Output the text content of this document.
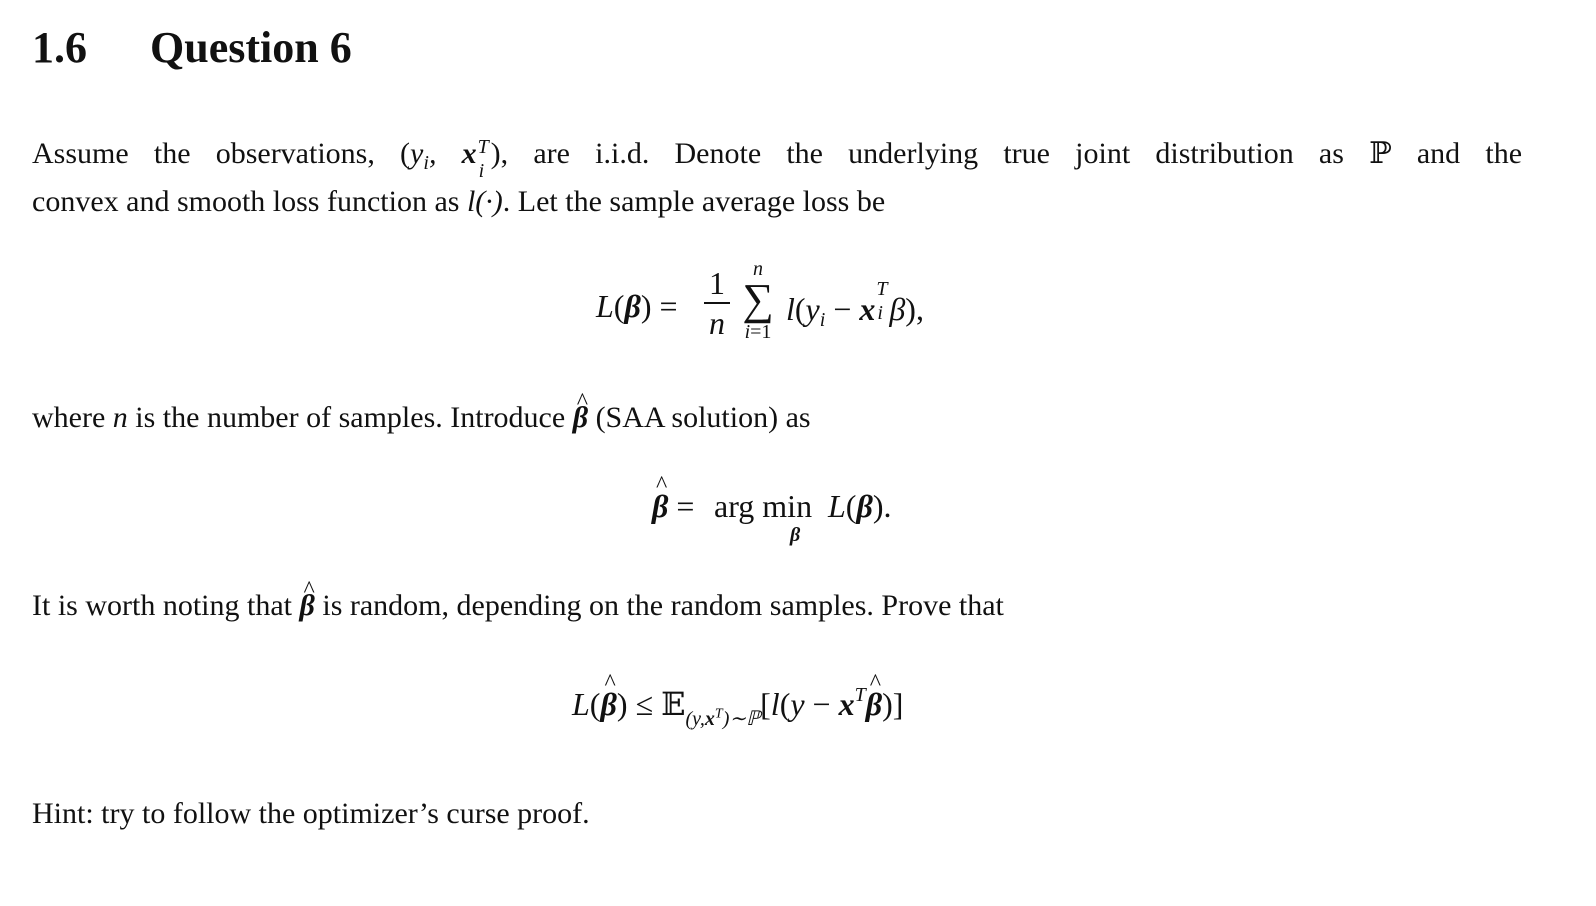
1.6 Question 6
Assume the observations, ($y_i$, x T
i
), are i.i.d. Denote the underlying true joint distribution as ℙ and the
convex and smooth loss function as l(·). Let the sample average loss be
L(β) =
1
n
n
∑
i=1
l(yi − x
T
i β),
where n is the number of samples. Introduce ^ β (SAA solution) as
^ β = arg min
β
L(β).
It is worth noting that ^ β is random, depending on the random samples. Prove that
L(^ β) ≤ 𝔼$_{(y,x^T)\sim ℙ}$[l(y − $x^T\^{}$ β)]
Hint: try to follow the optimizer’s curse proof.
